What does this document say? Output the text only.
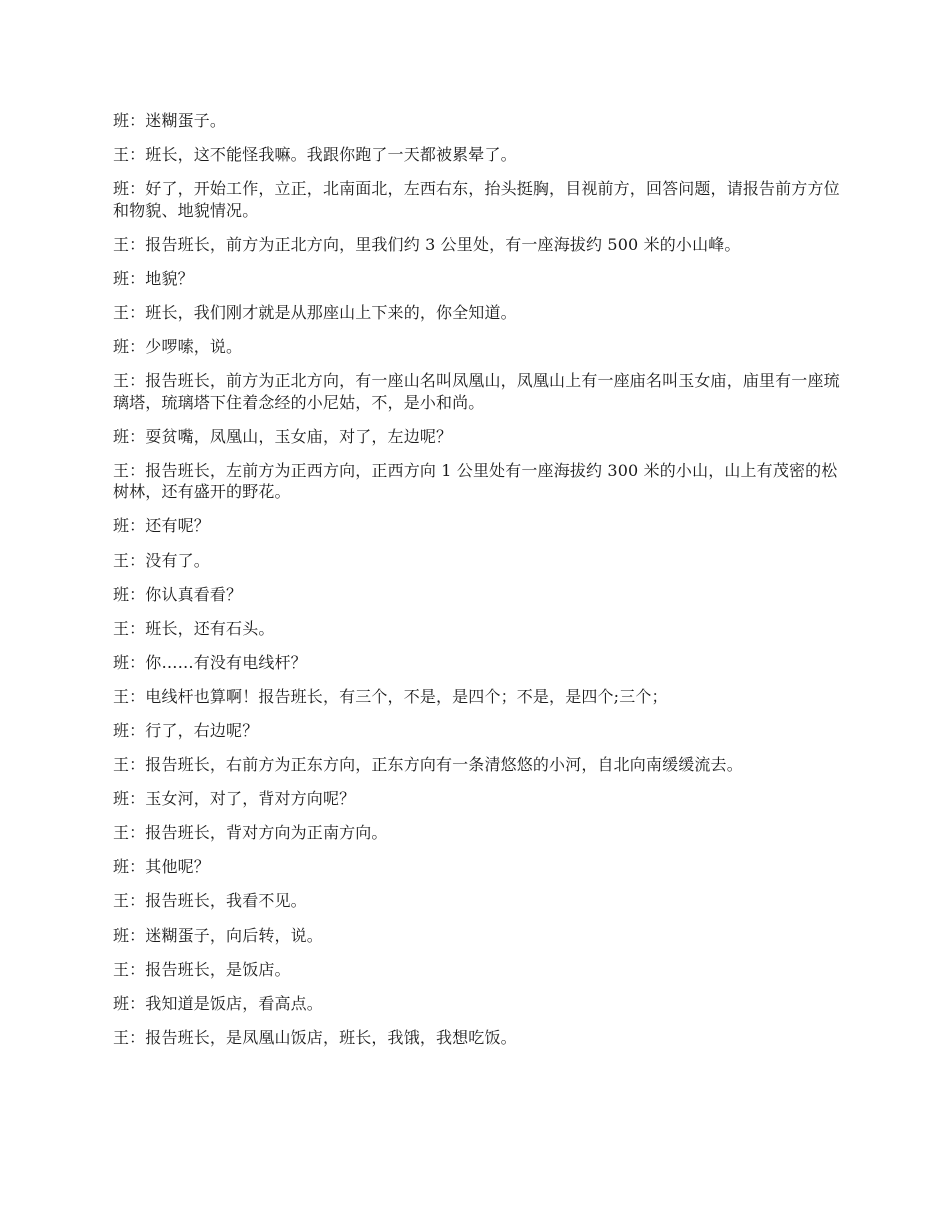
班：迷糊蛋子。

王：班长，这不能怪我嘛。我跟你跑了一天都被累晕了。

班：好了，开始工作，立正，北南面北，左西右东，抬头挺胸，目视前方，回答问题，请报告前方方位和物貌、地貌情况。

王：报告班长，前方为正北方向，里我们约 3 公里处，有一座海拔约 500 米的小山峰。

班：地貌？

王：班长，我们刚才就是从那座山上下来的，你全知道。

班：少啰嗦，说。

王：报告班长，前方为正北方向，有一座山名叫凤凰山，凤凰山上有一座庙名叫玉女庙，庙里有一座琉璃塔，琉璃塔下住着念经的小尼姑，不，是小和尚。

班：耍贫嘴，凤凰山，玉女庙，对了，左边呢？

王：报告班长，左前方为正西方向，正西方向 1 公里处有一座海拔约 300 米的小山，山上有茂密的松树林，还有盛开的野花。

班：还有呢？

王：没有了。

班：你认真看看？

王：班长，还有石头。

班：你……有没有电线杆？

王：电线杆也算啊！报告班长，有三个，不是，是四个；不是，是四个;三个；

班：行了，右边呢？

王：报告班长，右前方为正东方向，正东方向有一条清悠悠的小河，自北向南缓缓流去。

班：玉女河，对了，背对方向呢？

王：报告班长，背对方向为正南方向。

班：其他呢？

王：报告班长，我看不见。

班：迷糊蛋子，向后转，说。

王：报告班长，是饭店。

班：我知道是饭店，看高点。

王：报告班长，是凤凰山饭店，班长，我饿，我想吃饭。
